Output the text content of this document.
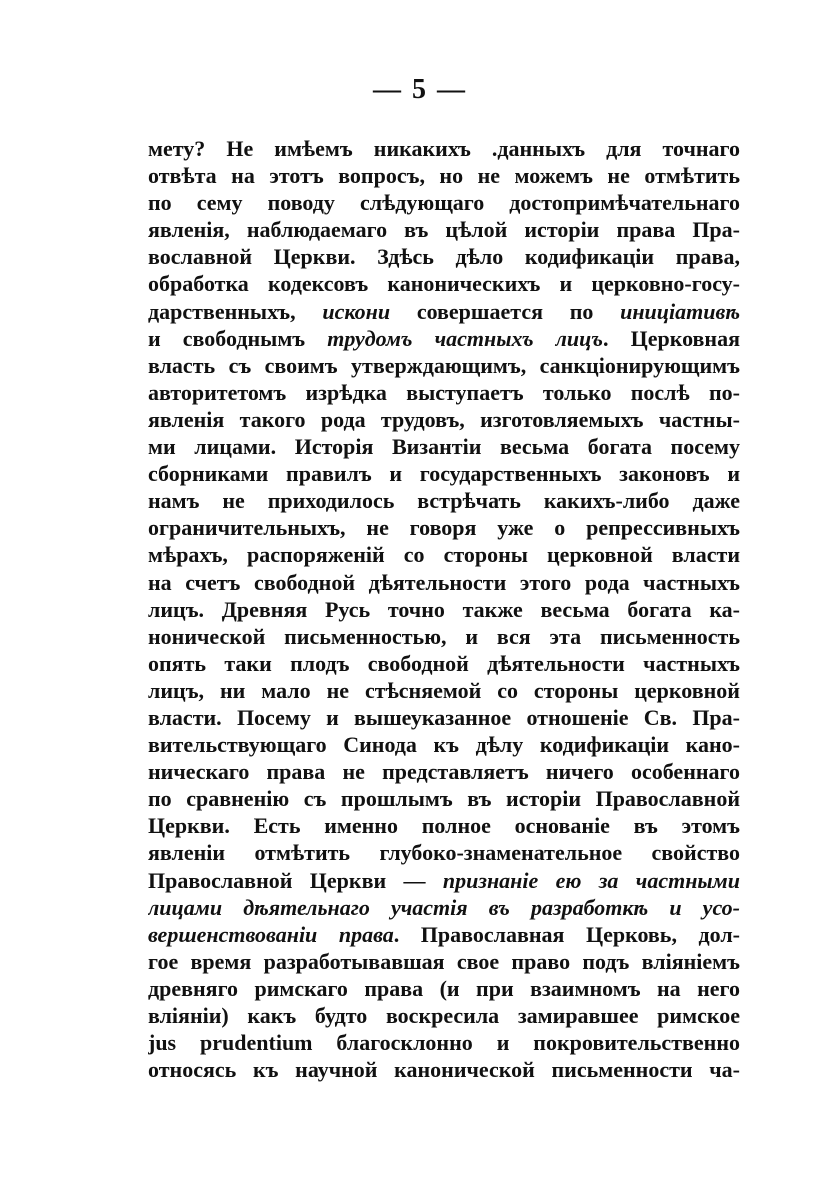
— 5 —
мету? Не имѣемъ никакихъ .данныхъ для точнаго
отвѣта на этотъ вопросъ, но не можемъ не отмѣтить
по сему поводу слѣдующаго достопримѣчательнаго
явленія, наблюдаемаго въ цѣлой исторіи права Пра-
вославной Церкви. Здѣсь дѣло кодификаціи права,
обработка кодексовъ каноническихъ и церковно-госу-
дарственныхъ, искони совершается по иниціативѣ
и свободнымъ трудомъ частныхъ лицъ. Церковная
власть съ своимъ утверждающимъ, санкціонирующимъ
авторитетомъ изрѣдка выступаетъ только послѣ по-
явленія такого рода трудовъ, изготовляемыхъ частны-
ми лицами. Исторія Византіи весьма богата посему
сборниками правилъ и государственныхъ законовъ и
намъ не приходилось встрѣчать какихъ-либо даже
ограничительныхъ, не говоря уже о репрессивныхъ
мѣрахъ, распоряженій со стороны церковной власти
на счетъ свободной дѣятельности этого рода частныхъ
лицъ. Древняя Русь точно также весьма богата ка-
нонической письменностью, и вся эта письменность
опять таки плодъ свободной дѣятельности частныхъ
лицъ, ни мало не стѣсняемой со стороны церковной
власти. Посему и вышеуказанное отношеніе Св. Пра-
вительствующаго Синода къ дѣлу кодификаціи кано-
ническаго права не представляетъ ничего особеннаго
по сравненію съ прошлымъ въ исторіи Православной
Церкви. Есть именно полное основаніе въ этомъ
явленіи отмѣтить глубоко-знаменательное свойство
Православной Церкви — признаніе ею за частными
лицами дѣятельнаго участія въ разработкѣ и усо-
вершенствованіи права. Православная Церковь, дол-
гое время разработывавшая свое право подъ вліяніемъ
древняго римскаго права (и при взаимномъ на него
вліяніи) какъ будто воскресила замиравшее римское
jus prudentium благосклонно и покровительственно
относясь къ научной канонической письменности ча-
